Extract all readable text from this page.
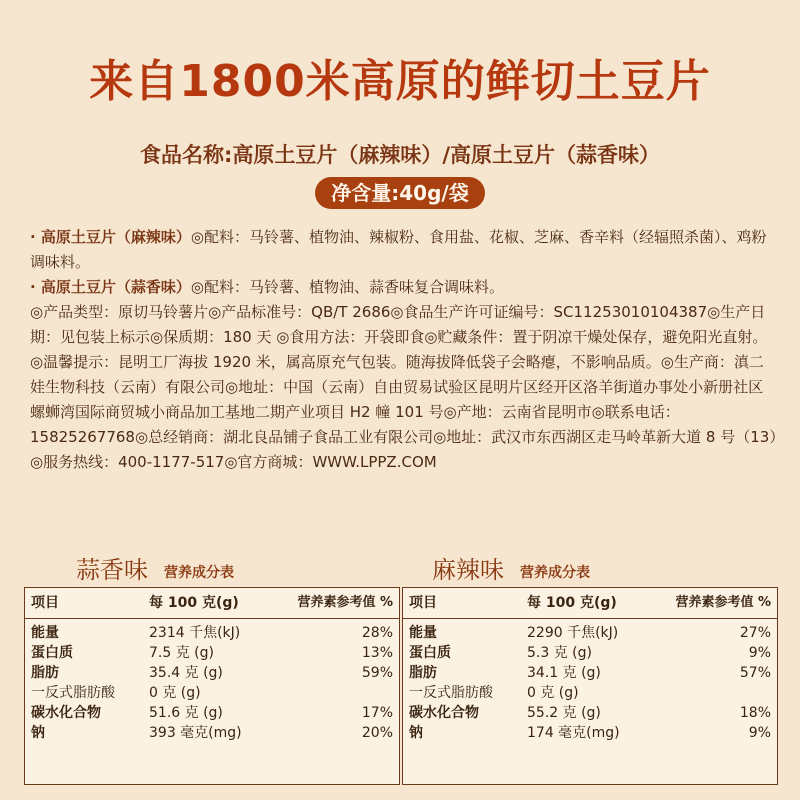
来自1800米高原的鲜切土豆片
食品名称:高原土豆片（麻辣味）/高原土豆片（蒜香味）
净含量:40g/袋

· 高原土豆片（麻辣味）◎配料：马铃薯、植物油、辣椒粉、食用盐、花椒、芝麻、香辛料（经辐照杀菌）、鸡粉调味料。

· 高原土豆片（蒜香味）◎配料：马铃薯、植物油、蒜香味复合调味料。

◎产品类型：原切马铃薯片◎产品标准号：QB/T 2686◎食品生产许可证编号：SC11253010104387◎生产日期：见包装上标示◎保质期：180 天 ◎食用方法：开袋即食◎贮藏条件：置于阴凉干燥处保存，避免阳光直射。◎温馨提示：昆明工厂海拔 1920 米，属高原充气包装。随海拔降低袋子会略瘪，不影响品质。◎生产商：滇二娃生物科技（云南）有限公司◎地址：中国（云南）自由贸易试验区昆明片区经开区洛羊街道办事处小新册社区螺蛳湾国际商贸城小商品加工基地二期产业项目 H2 幢 101 号◎产地：云南省昆明市◎联系电话：15825267768◎总经销商：湖北良品铺子食品工业有限公司◎地址：武汉市东西湖区走马岭革新大道 8 号（13）◎服务热线：400-1177-517◎官方商城：WWW.LPPZ.COM

蒜香味 营养成分表
项目	每 100 克(g)	营养素参考值 %
能量	2314 千焦(kJ)	28%
蛋白质	7.5 克 (g)	13%
脂肪	35.4 克 (g)	59%
一反式脂肪酸	0 克 (g)
碳水化合物	51.6 克 (g)	17%
钠	393 毫克(mg)	20%
麻辣味 营养成分表
项目	每 100 克(g)	营养素参考值 %
能量	2290 千焦(kJ)	27%
蛋白质	5.3 克 (g)	9%
脂肪	34.1 克 (g)	57%
一反式脂肪酸	0 克 (g)
碳水化合物	55.2 克 (g)	18%
钠	174 毫克(mg)	9%
